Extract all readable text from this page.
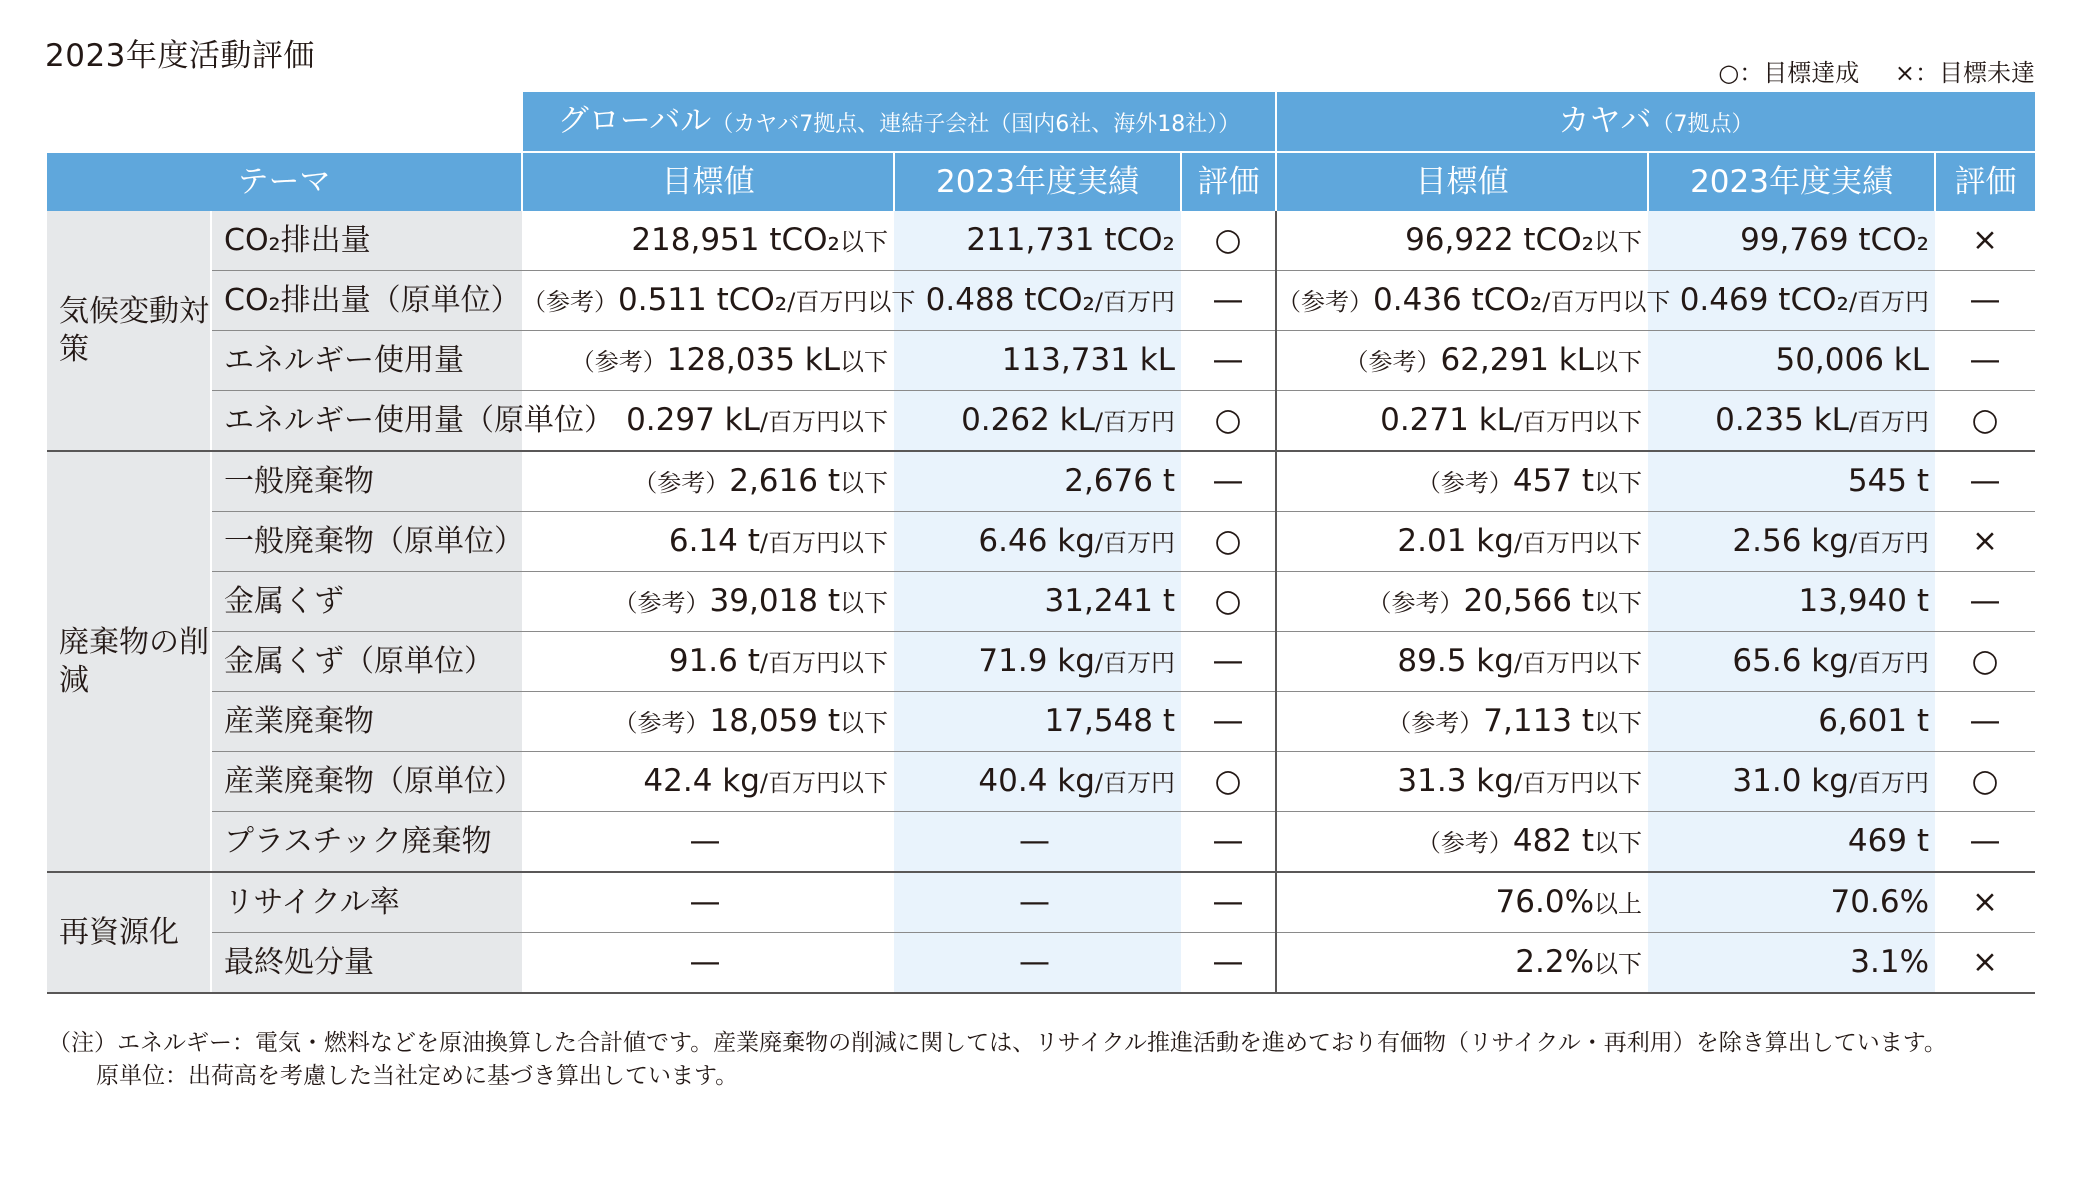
2023年度活動評価	○：目標達成 ×：目標未達
		グローバル（カヤバ7拠点、連結子会社（国内6社、海外18社））			カヤバ（7拠点）		
テーマ		目標値	2023年度実績	評価	目標値	2023年度実績	評価
気候変動対策	CO₂排出量	218,951 tCO₂以下	211,731 tCO₂	○	96,922 tCO₂以下	99,769 tCO₂	×
	CO₂排出量（原単位）	（参考）0.511 tCO₂/百万円以下	0.488 tCO₂/百万円	—	（参考）0.436 tCO₂/百万円以下	0.469 tCO₂/百万円	—
	エネルギー使用量	（参考）128,035 kL以下	113,731 kL	—	（参考）62,291 kL以下	50,006 kL	—
	エネルギー使用量（原単位）	0.297 kL/百万円以下	0.262 kL/百万円	○	0.271 kL/百万円以下	0.235 kL/百万円	○
廃棄物の削減	一般廃棄物	（参考）2,616 t以下	2,676 t	—	（参考）457 t以下	545 t	—
	一般廃棄物（原単位）	6.14 t/百万円以下	6.46 kg/百万円	○	2.01 kg/百万円以下	2.56 kg/百万円	×
	金属くず	（参考）39,018 t以下	31,241 t	○	（参考）20,566 t以下	13,940 t	—
	金属くず（原単位）	91.6 t/百万円以下	71.9 kg/百万円	—	89.5 kg/百万円以下	65.6 kg/百万円	○
	産業廃棄物	（参考）18,059 t以下	17,548 t	—	（参考）7,113 t以下	6,601 t	—
	産業廃棄物（原単位）	42.4 kg/百万円以下	40.4 kg/百万円	○	31.3 kg/百万円以下	31.0 kg/百万円	○
	プラスチック廃棄物	—	—	—	（参考）482 t以下	469 t	—
再資源化	リサイクル率	—	—	—	76.0%以上	70.6%	×
	最終処分量	—	—	—	2.2%以下	3.1%	×
（注）エネルギー：電気・燃料などを原油換算した合計値です。産業廃棄物の削減に関しては、リサイクル推進活動を進めており有価物（リサイクル・再利用）を除き算出しています。
原単位：出荷高を考慮した当社定めに基づき算出しています。
